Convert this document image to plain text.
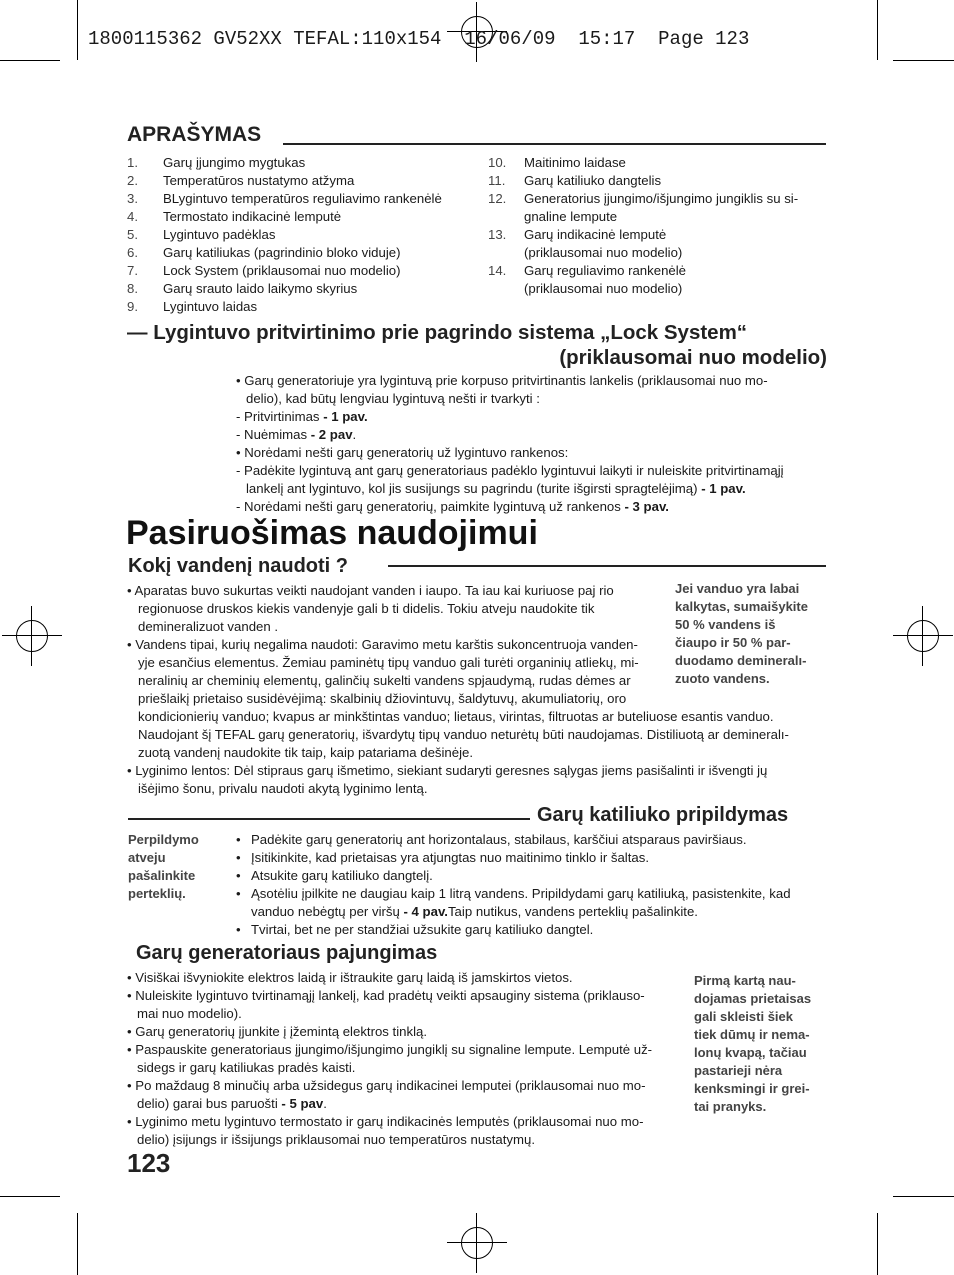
1800115362 GV52XX TEFAL:110x154 16/06/09 15:17 Page 123

APRAŠYMAS
1.	Garų įjungimo mygtukas
2.	Temperatūros nustatymo atžyma
3.	BLygintuvo temperatūros reguliavimo rankenėlė
4.	Termostato indikacinė lemputė
5.	Lygintuvo padėklas
6.	Garų katiliukas (pagrindinio bloko viduje)
7.	Lock System (priklausomai nuo modelio)
8.	Garų srauto laido laikymo skyrius
9.	Lygintuvo laidas
10.	Maitinimo laidase
11.	Garų katiliuko dangtelis
12.	Generatorius įjungimo/išjungimo jungiklis su si-
gnaline lempute
13.	Garų indikacinė lemputė
(priklausomai nuo modelio)
14.	Garų reguliavimo rankenėlė
(priklausomai nuo modelio)
— Lygintuvo pritvirtinimo prie pagrindo sistema „Lock System“
(priklausomai nuo modelio)

• Garų generatoriuje yra lygintuvą prie korpuso pritvirtinantis lankelis (priklausomai nuo mo-

delio), kad būtų lengviau lygintuvą nešti ir tvarkyti :

- Pritvirtinimas - 1 pav.

- Nuėmimas - 2 pav.

• Norėdami nešti garų generatorių už lygintuvo rankenos:

- Padėkite lygintuvą ant garų generatoriaus padėklo lygintuvui laikyti ir nuleiskite pritvirtinamąjį

lankelį ant lygintuvo, kol jis susijungs su pagrindu (turite išgirsti spragtelėjimą) - 1 pav.

- Norėdami nešti garų generatorių, paimkite lygintuvą už rankenos - 3 pav.

Pasiruošimas naudojimui
Kokį vandenį naudoti ?
• Aparatas buvo sukurtas veikti naudojant vanden i iaupo. Ta iau kai kuriuose paj rio
regionuose druskos kiekis vandenyje gali b ti didelis. Tokiu atveju naudokite tik
demineralizuot vanden .
• Vandens tipai, kurių negalima naudoti: Garavimo metu karštis sukoncentruoja vanden-
yje esančius elementus. Žemiau paminėtų tipų vanduo gali turėti organinių atliekų, mi-
neralinių ar cheminių elementų, galinčių sukelti vandens spjaudymą, rudas dėmes ar
priešlaikį prietaiso susidėvėjimą: skalbinių džiovintuvų, šaldytuvų, akumuliatorių, oro
kondicionierių vanduo; kvapus ar minkštintas vanduo; lietaus, virintas, filtruotas ar buteliuose esantis vanduo.
Naudojant šį TEFAL garų generatorių, išvardytų tipų vanduo neturėtų būti naudojamas. Distiliuotą ar demineralı-
zuotą vandenį naudokite tik taip, kaip patariama dešinėje.
• Lyginimo lentos: Dėl stipraus garų išmetimo, siekiant sudaryti geresnes sąlygas jiems pasišalinti ir išvengti jų
išėjimo šonu, privalu naudoti akytą lyginimo lentą.
Jei vanduo yra labai
kalkytas, sumaišykite
50 % vandens iš
čiaupo ir 50 % par-
duodamo demineralı-
zuoto vandens.
Garų katiliuko pripildymas
Perpildymo
atveju
pašalinkite
perteklių.
• Padėkite garų generatorių ant horizontalaus, stabilaus, karščiui atsparaus paviršiaus.
• Įsitikinkite, kad prietaisas yra atjungtas nuo maitinimo tinklo ir šaltas.
• Atsukite garų katiliuko dangtelį.
• Ąsotėliu įpilkite ne daugiau kaip 1 litrą vandens. Pripildydami garų katiliuką, pasistenkite, kad
vanduo nebėgtų per viršų - 4 pav.Taip nutikus, vandens perteklių pašalinkite.
• Tvirtai, bet ne per standžiai užsukite garų katiliuko dangtel.
Garų generatoriaus pajungimas

• Visiškai išvyniokite elektros laidą ir ištraukite garų laidą iš jamskirtos vietos.

• Nuleiskite lygintuvo tvirtinamąjį lankelį, kad pradėtų veikti apsauginy sistema (priklauso-

mai nuo modelio).

• Garų generatorių įjunkite į įžemintą elektros tinklą.

• Paspauskite generatoriaus įjungimo/išjungimo jungiklį su signaline lempute. Lemputė už-

sidegs ir garų katiliukas pradės kaisti.

• Po maždaug 8 minučių arba užsidegus garų indikacinei lemputei (priklausomai nuo mo-

delio) garai bus paruošti - 5 pav.

• Lyginimo metu lygintuvo termostato ir garų indikacinės lemputės (priklausomai nuo mo-

delio) įsijungs ir išsijungs priklausomai nuo temperatūros nustatymų.

Pirmą kartą nau-
dojamas prietaisas
gali skleisti šiek
tiek dūmų ir nema-
lonų kvapą, tačiau
pastarieji nėra
kenksmingi ir grei-
tai pranyks.
123
